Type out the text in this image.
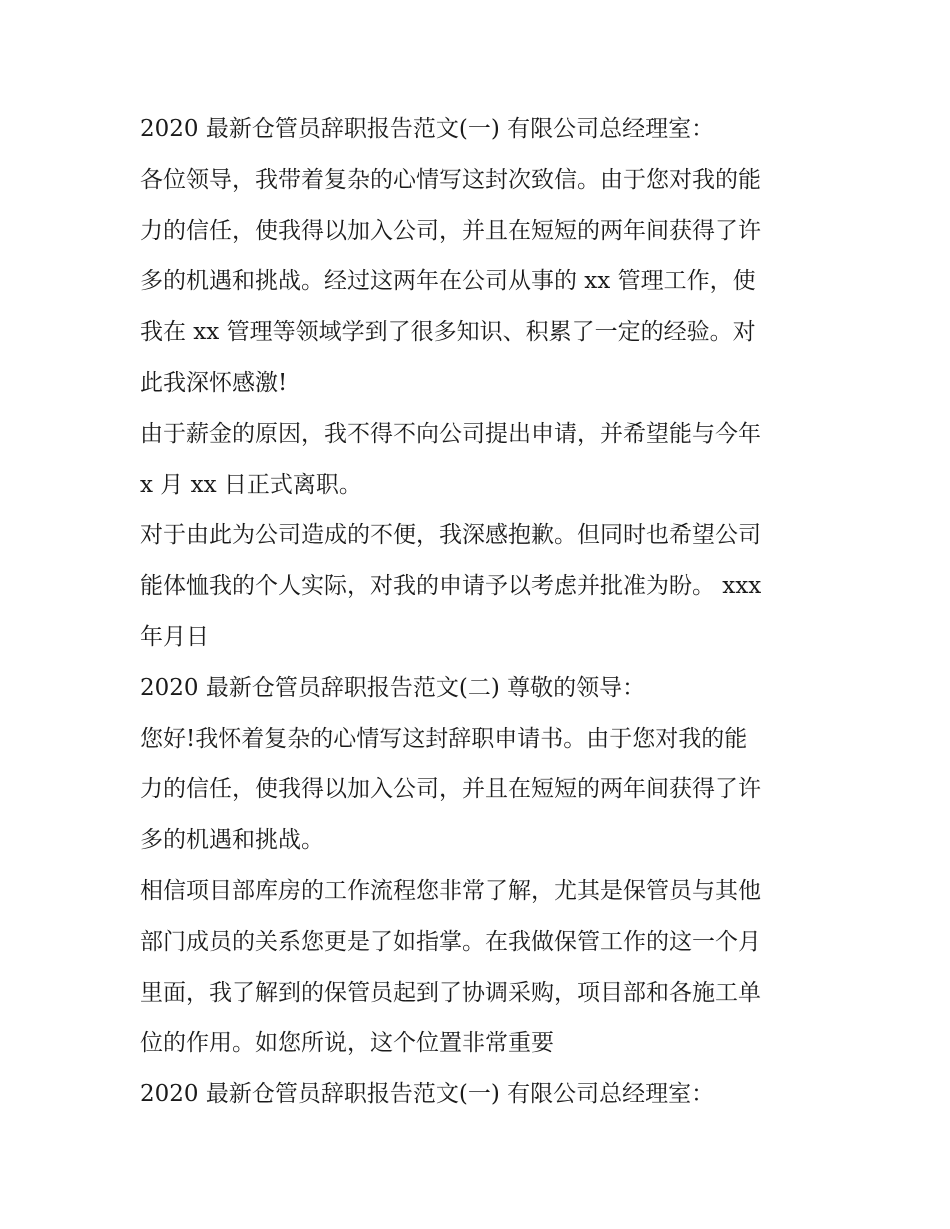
2020 最新仓管员辞职报告范文(一) 有限公司总经理室：
各位领导，我带着复杂的心情写这封次致信。由于您对我的能
力的信任，使我得以加入公司，并且在短短的两年间获得了许
多的机遇和挑战。经过这两年在公司从事的 xx 管理工作，使
我在 xx 管理等领域学到了很多知识、积累了一定的经验。对
此我深怀感激!
由于薪金的原因，我不得不向公司提出申请，并希望能与今年
x 月 xx 日正式离职。
对于由此为公司造成的不便，我深感抱歉。但同时也希望公司
能体恤我的个人实际，对我的申请予以考虑并批准为盼。 xxx
年月日
2020 最新仓管员辞职报告范文(二) 尊敬的领导：
您好!我怀着复杂的心情写这封辞职申请书。由于您对我的能
力的信任，使我得以加入公司，并且在短短的两年间获得了许
多的机遇和挑战。
相信项目部库房的工作流程您非常了解，尤其是保管员与其他
部门成员的关系您更是了如指掌。在我做保管工作的这一个月
里面，我了解到的保管员起到了协调采购，项目部和各施工单
位的作用。如您所说，这个位置非常重要
2020 最新仓管员辞职报告范文(一) 有限公司总经理室：
